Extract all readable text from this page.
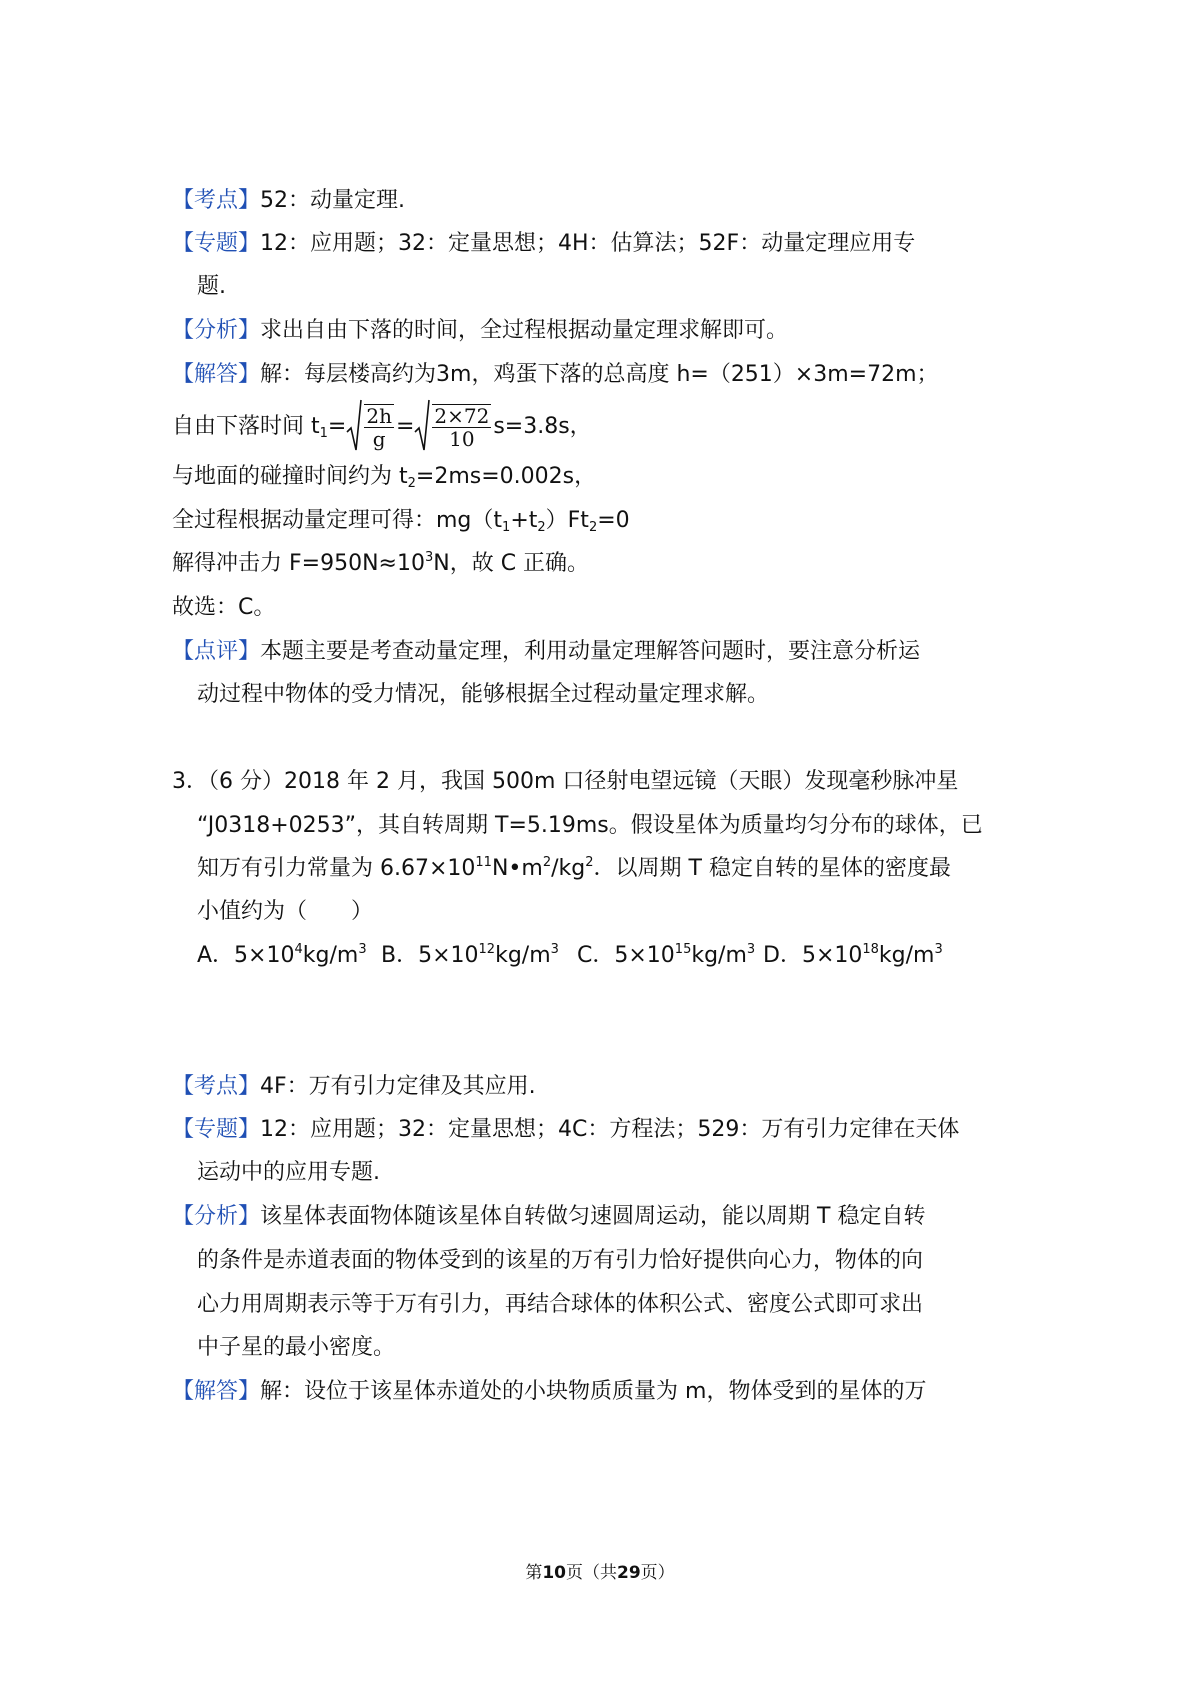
【考点】52：动量定理.
【专题】12：应用题；32：定量思想；4H：估算法；52F：动量定理应用专
题.
【分析】求出自由下落的时间，全过程根据动量定理求解即可。
【解答】解：每层楼高约为3m，鸡蛋下落的总高度 h=（25﻿1）×3m=72m；
自由下落时间 $t_1= \frac{2h}{g} = \frac{2\times 72}{10} s=3.8s$，
与地面的碰撞时间约为 $t_2=2ms=0.002s$，
全过程根据动量定理可得：$mg(t_1+t_2)﻿Ft_2=0$
解得冲击力 $F=950N\approx 10^3N$，故 C 正确。
故选：C。
【点评】本题主要是考查动量定理，利用动量定理解答问题时，要注意分析运
动过程中物体的受力情况，能够根据全过程动量定理求解。
3．（6 分）2018 年 2 月，我国 500m 口径射电望远镜（天眼）发现毫秒脉冲星
“J0318+0253”，其自转周期 T=5.19ms。假设星体为质量均匀分布的球体，已
知万有引力常量为 $6.67\times 10﻿^{11}N•m^2/kg^2$．以周期 T 稳定自转的星体的密度最
小值约为（　　）
A．$5\times 10^4kg/m^3$ B．$5\times 10^{12}kg/m^3$ C．$5\times 10^{15}kg/m^3$ D．$5\times 10^{18}kg/m^3$
【考点】4F：万有引力定律及其应用.
【专题】12：应用题；32：定量思想；4C：方程法；529：万有引力定律在天体
运动中的应用专题.
【分析】该星体表面物体随该星体自转做匀速圆周运动，能以周期 T 稳定自转
的条件是赤道表面的物体受到的该星的万有引力恰好提供向心力，物体的向
心力用周期表示等于万有引力，再结合球体的体积公式、密度公式即可求出
中子星的最小密度。
【解答】解：设位于该星体赤道处的小块物质质量为 m，物体受到的星体的万
第10页（共29页）
